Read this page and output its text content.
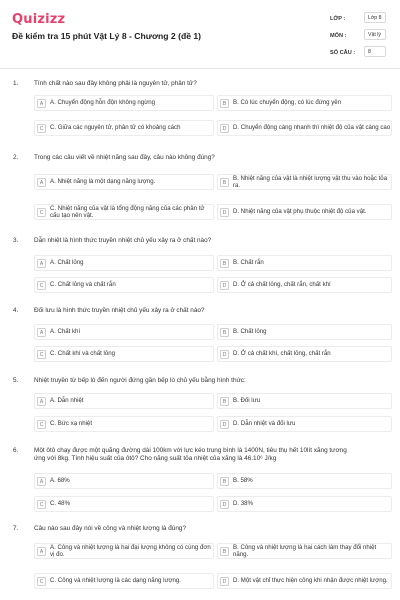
Quizizz
Đề kiểm tra 15 phút Vật Lý 8 - Chương 2 (đề 1)
LỚP :	Lớp 8
MÔN :	Vật lý
SỐ CÂU :	8
1. Tính chất nào sau đây không phải là nguyên tử, phân tử?
A	A. Chuyển động hỗn độn không ngừng	B	B. Có lúc chuyển động, có lúc đứng yên
C	C. Giữa các nguyên tử, phân tử có khoảng cách	D	D. Chuyển động càng nhanh thì nhiệt độ của vật càng cao
2. Trong các câu viết về nhiệt năng sau đây, câu nào không đúng?
A	A. Nhiệt năng là một dạng năng lượng.	B
B. Nhiệt năng của vật là nhiệt lượng vật thu vào hoặc tỏa ra.
C
C. Nhiệt năng của vật là tổng động năng của các phân tử cấu tạo nên vật.	D	D. Nhiệt năng của vật phụ thuộc nhiệt độ của vật.
3. Dẫn nhiệt là hình thức truyền nhiệt chủ yếu xảy ra ở chất nào?
A	A. Chất lỏng	B	B. Chất rắn
C	C. Chất lỏng và chất rắn	D	D. Ở cả chất lỏng, chất rắn, chất khí
4. Đối lưu là hình thức truyền nhiệt chủ yếu xảy ra ở chất nào?
A	A. Chất khí	B	B. Chất lỏng
C	C. Chất khí và chất lỏng	D	D. Ở cả chất khí, chất lỏng, chất rắn
5. Nhiệt truyền từ bếp lò đến người đứng gần bếp lò chủ yếu bằng hình thức:
A	A. Dẫn nhiệt	B	B. Đối lưu
C	C. Bức xạ nhiệt	D	D. Dẫn nhiệt và đối lưu
6. Một ôtô chạy được một quãng đường dài 100km với lực kéo trung bình là 1400N, tiêu thụ hết 10lít xăng tương ứng với 8kg. Tính hiệu suất của ôtô? Cho năng suất tỏa nhiệt của xăng là 46.10⁶ J/kg
A	A. 68%	B	B. 58%
C	C. 48%	D	D. 38%
7. Câu nào sau đây nói về công và nhiệt lượng là đúng?
A
A. Công và nhiệt lượng là hai đại lượng không có cùng đơn vị đo.	B
B. Công và nhiệt lượng là hai cách làm thay đổi nhiệt năng.
C	C. Công và nhiệt lượng là các dạng năng lượng.	D	D. Một vật chỉ thực hiện công khi nhận được nhiệt lượng.
